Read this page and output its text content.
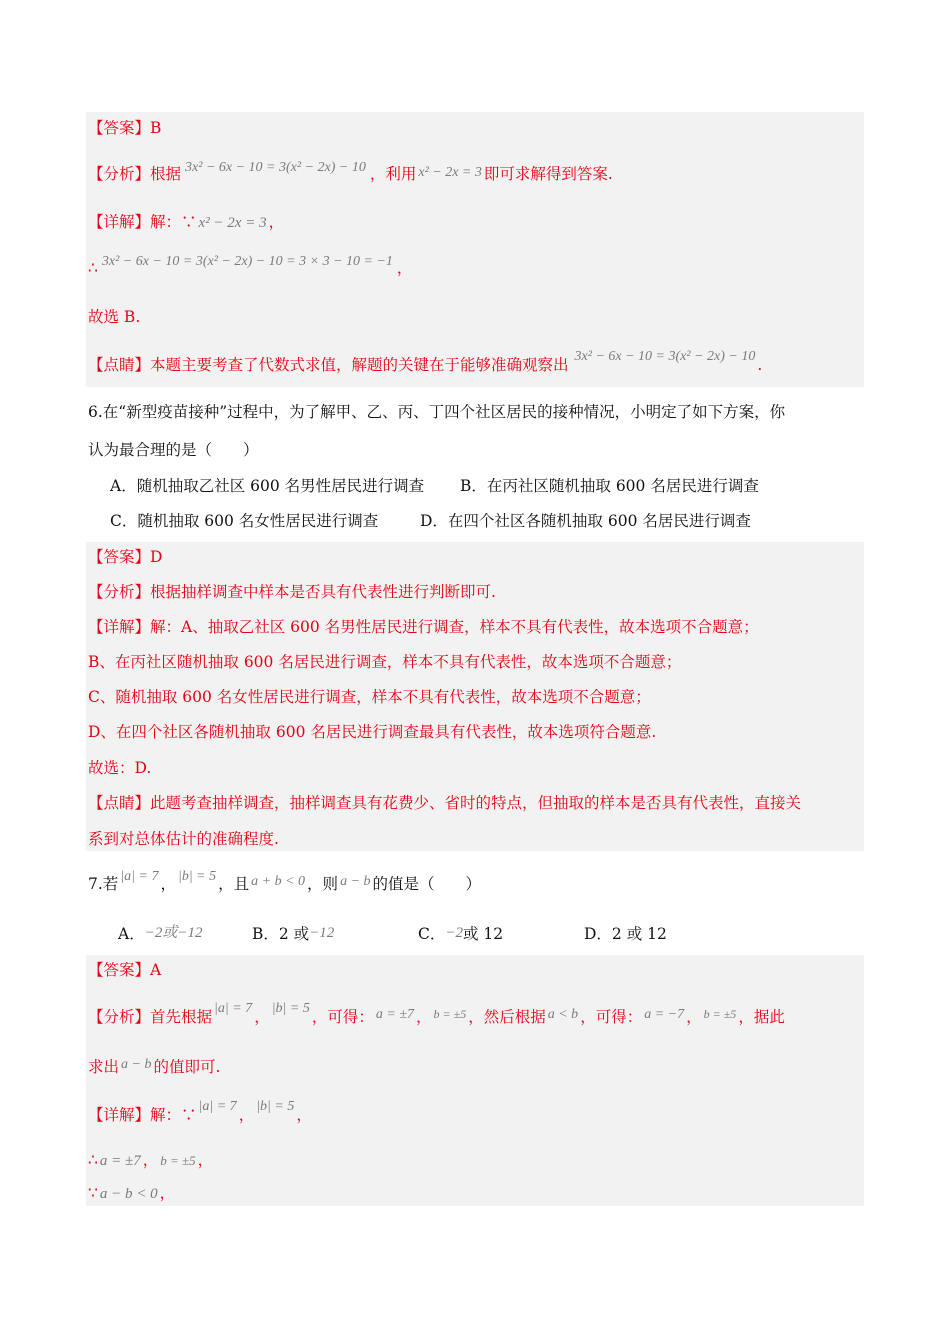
【答案】B
【分析】根据 3x² − 6x − 10 = 3(x² − 2x) − 10 ，利用 x² − 2x = 3 即可求解得到答案.
【详解】解：∵ x² − 2x = 3 ，
∴ 3x² − 6x − 10 = 3(x² − 2x) − 10 = 3 × 3 − 10 = −1 ，
故选 B.
【点睛】本题主要考查了代数式求值，解题的关键在于能够准确观察出 3x² − 6x − 10 = 3(x² − 2x) − 10 .
6.在“新型疫苗接种”过程中，为了解甲、乙、丙、丁四个社区居民的接种情况，小明定了如下方案，你
认为最合理的是（　　）
A．随机抽取乙社区 600 名男性居民进行调查 B．在丙社区随机抽取 600 名居民进行调查
C．随机抽取 600 名女性居民进行调查	D．在四个社区各随机抽取 600 名居民进行调查
【答案】D
【分析】根据抽样调查中样本是否具有代表性进行判断即可.
【详解】解：A、抽取乙社区 600 名男性居民进行调查，样本不具有代表性，故本选项不合题意；
B、在丙社区随机抽取 600 名居民进行调查，样本不具有代表性，故本选项不合题意；
C、随机抽取 600 名女性居民进行调查，样本不具有代表性，故本选项不合题意；
D、在四个社区各随机抽取 600 名居民进行调查最具有代表性，故本选项符合题意.
故选：D.
【点睛】此题考查抽样调查，抽样调查具有花费少、省时的特点，但抽取的样本是否具有代表性，直接关
系到对总体估计的准确程度.
7.若 |a| = 7 ， |b| = 5 ，且 a + b < 0 ，则 a − b 的值是（　　）
A．−2或−12	B．2 或−12	C．−2或 12	D．2 或 12
【答案】A
【分析】首先根据 |a| = 7 ， |b| = 5 ，可得： a = ±7 ， $^{b = \pm 5}$ ，然后根据 a < b ，可得： a = −7 ， $^{b = \pm 5}$ ，据此
求出 a − b 的值即可.
【详解】解：∵ |a| = 7 ， |b| = 5 ，
∴ a = ±7 ， b = ±5 ，
∵ a − b < 0 ，
